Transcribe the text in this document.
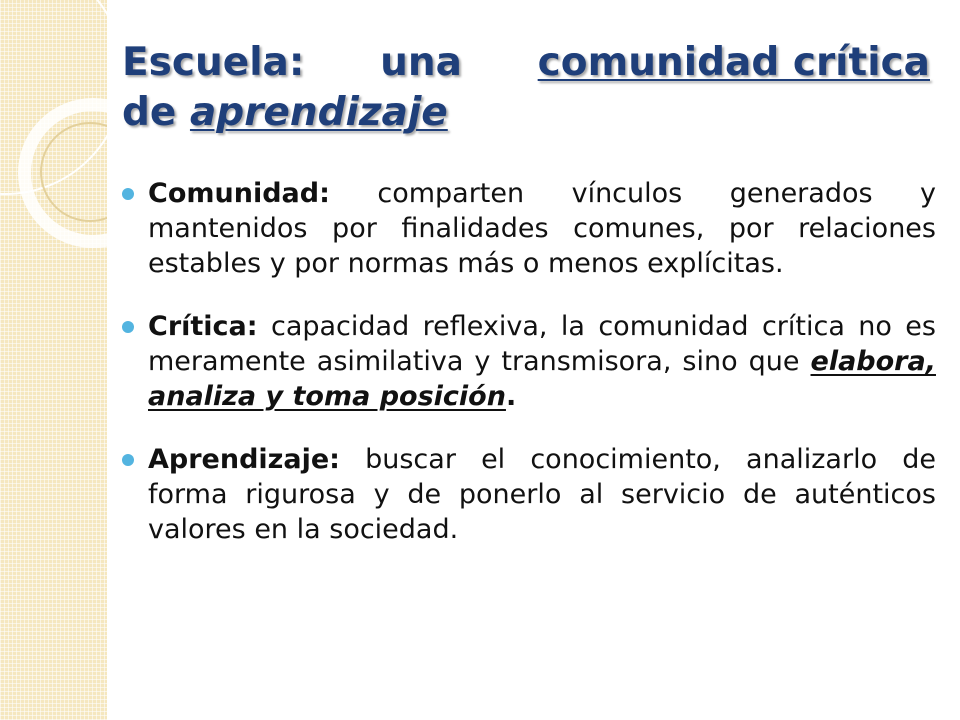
Escuela: una comunidad crítica
de aprendizaje
Comunidad: comparten vínculos generados y mantenidos por finalidades comunes, por relaciones estables y por normas más o menos explícitas.
Crítica: capacidad reflexiva, la comunidad crítica no es meramente asimilativa y transmisora, sino que elabora, analiza y toma posición.
Aprendizaje: buscar el conocimiento, analizarlo de forma rigurosa y de ponerlo al servicio de auténticos valores en la sociedad.
